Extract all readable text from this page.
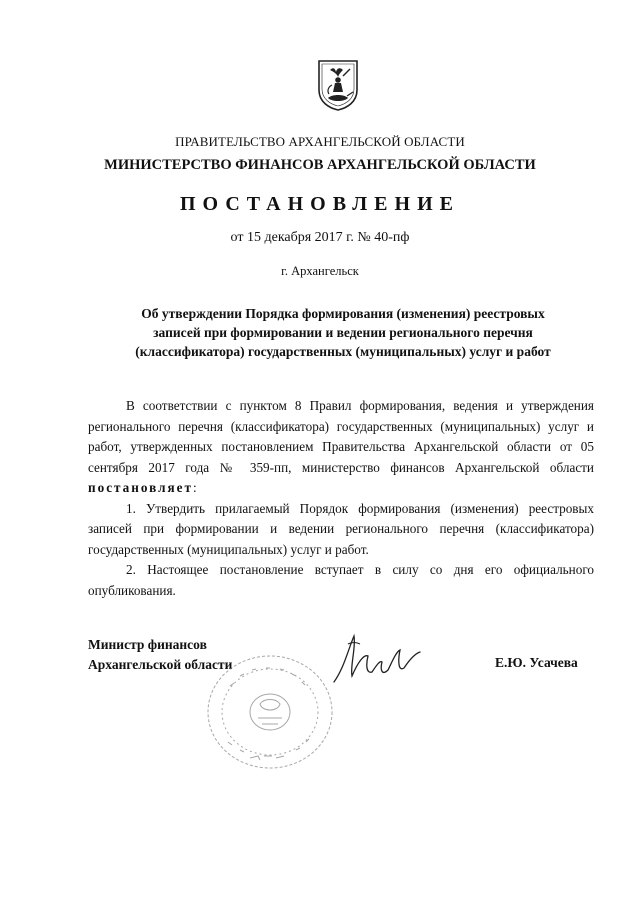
ПРАВИТЕЛЬСТВО АРХАНГЕЛЬСКОЙ ОБЛАСТИ
МИНИСТЕРСТВО ФИНАНСОВ АРХАНГЕЛЬСКОЙ ОБЛАСТИ
ПОСТАНОВЛЕНИЕ
от 15 декабря 2017 г. № 40-пф
г. Архангельск
Об утверждении Порядка формирования (изменения) реестровых
записей при формировании и ведении регионального перечня
(классификатора) государственных (муниципальных) услуг и работ

В соответствии с пунктом 8 Правил формирования, ведения и утверждения регионального перечня (классификатора) государственных (муниципальных) услуг и работ, утвержденных постановлением Правительства Архангельской области от 05 сентября 2017 года № 359-пп, министерство финансов Архангельской области постановляет:

1. Утвердить прилагаемый Порядок формирования (изменения) реестровых записей при формировании и ведении регионального перечня (классификатора) государственных (муниципальных) услуг и работ.

2. Настоящее постановление вступает в силу со дня его официального опубликования.

Министр финансов
Архангельской области	Е.Ю. Усачева
